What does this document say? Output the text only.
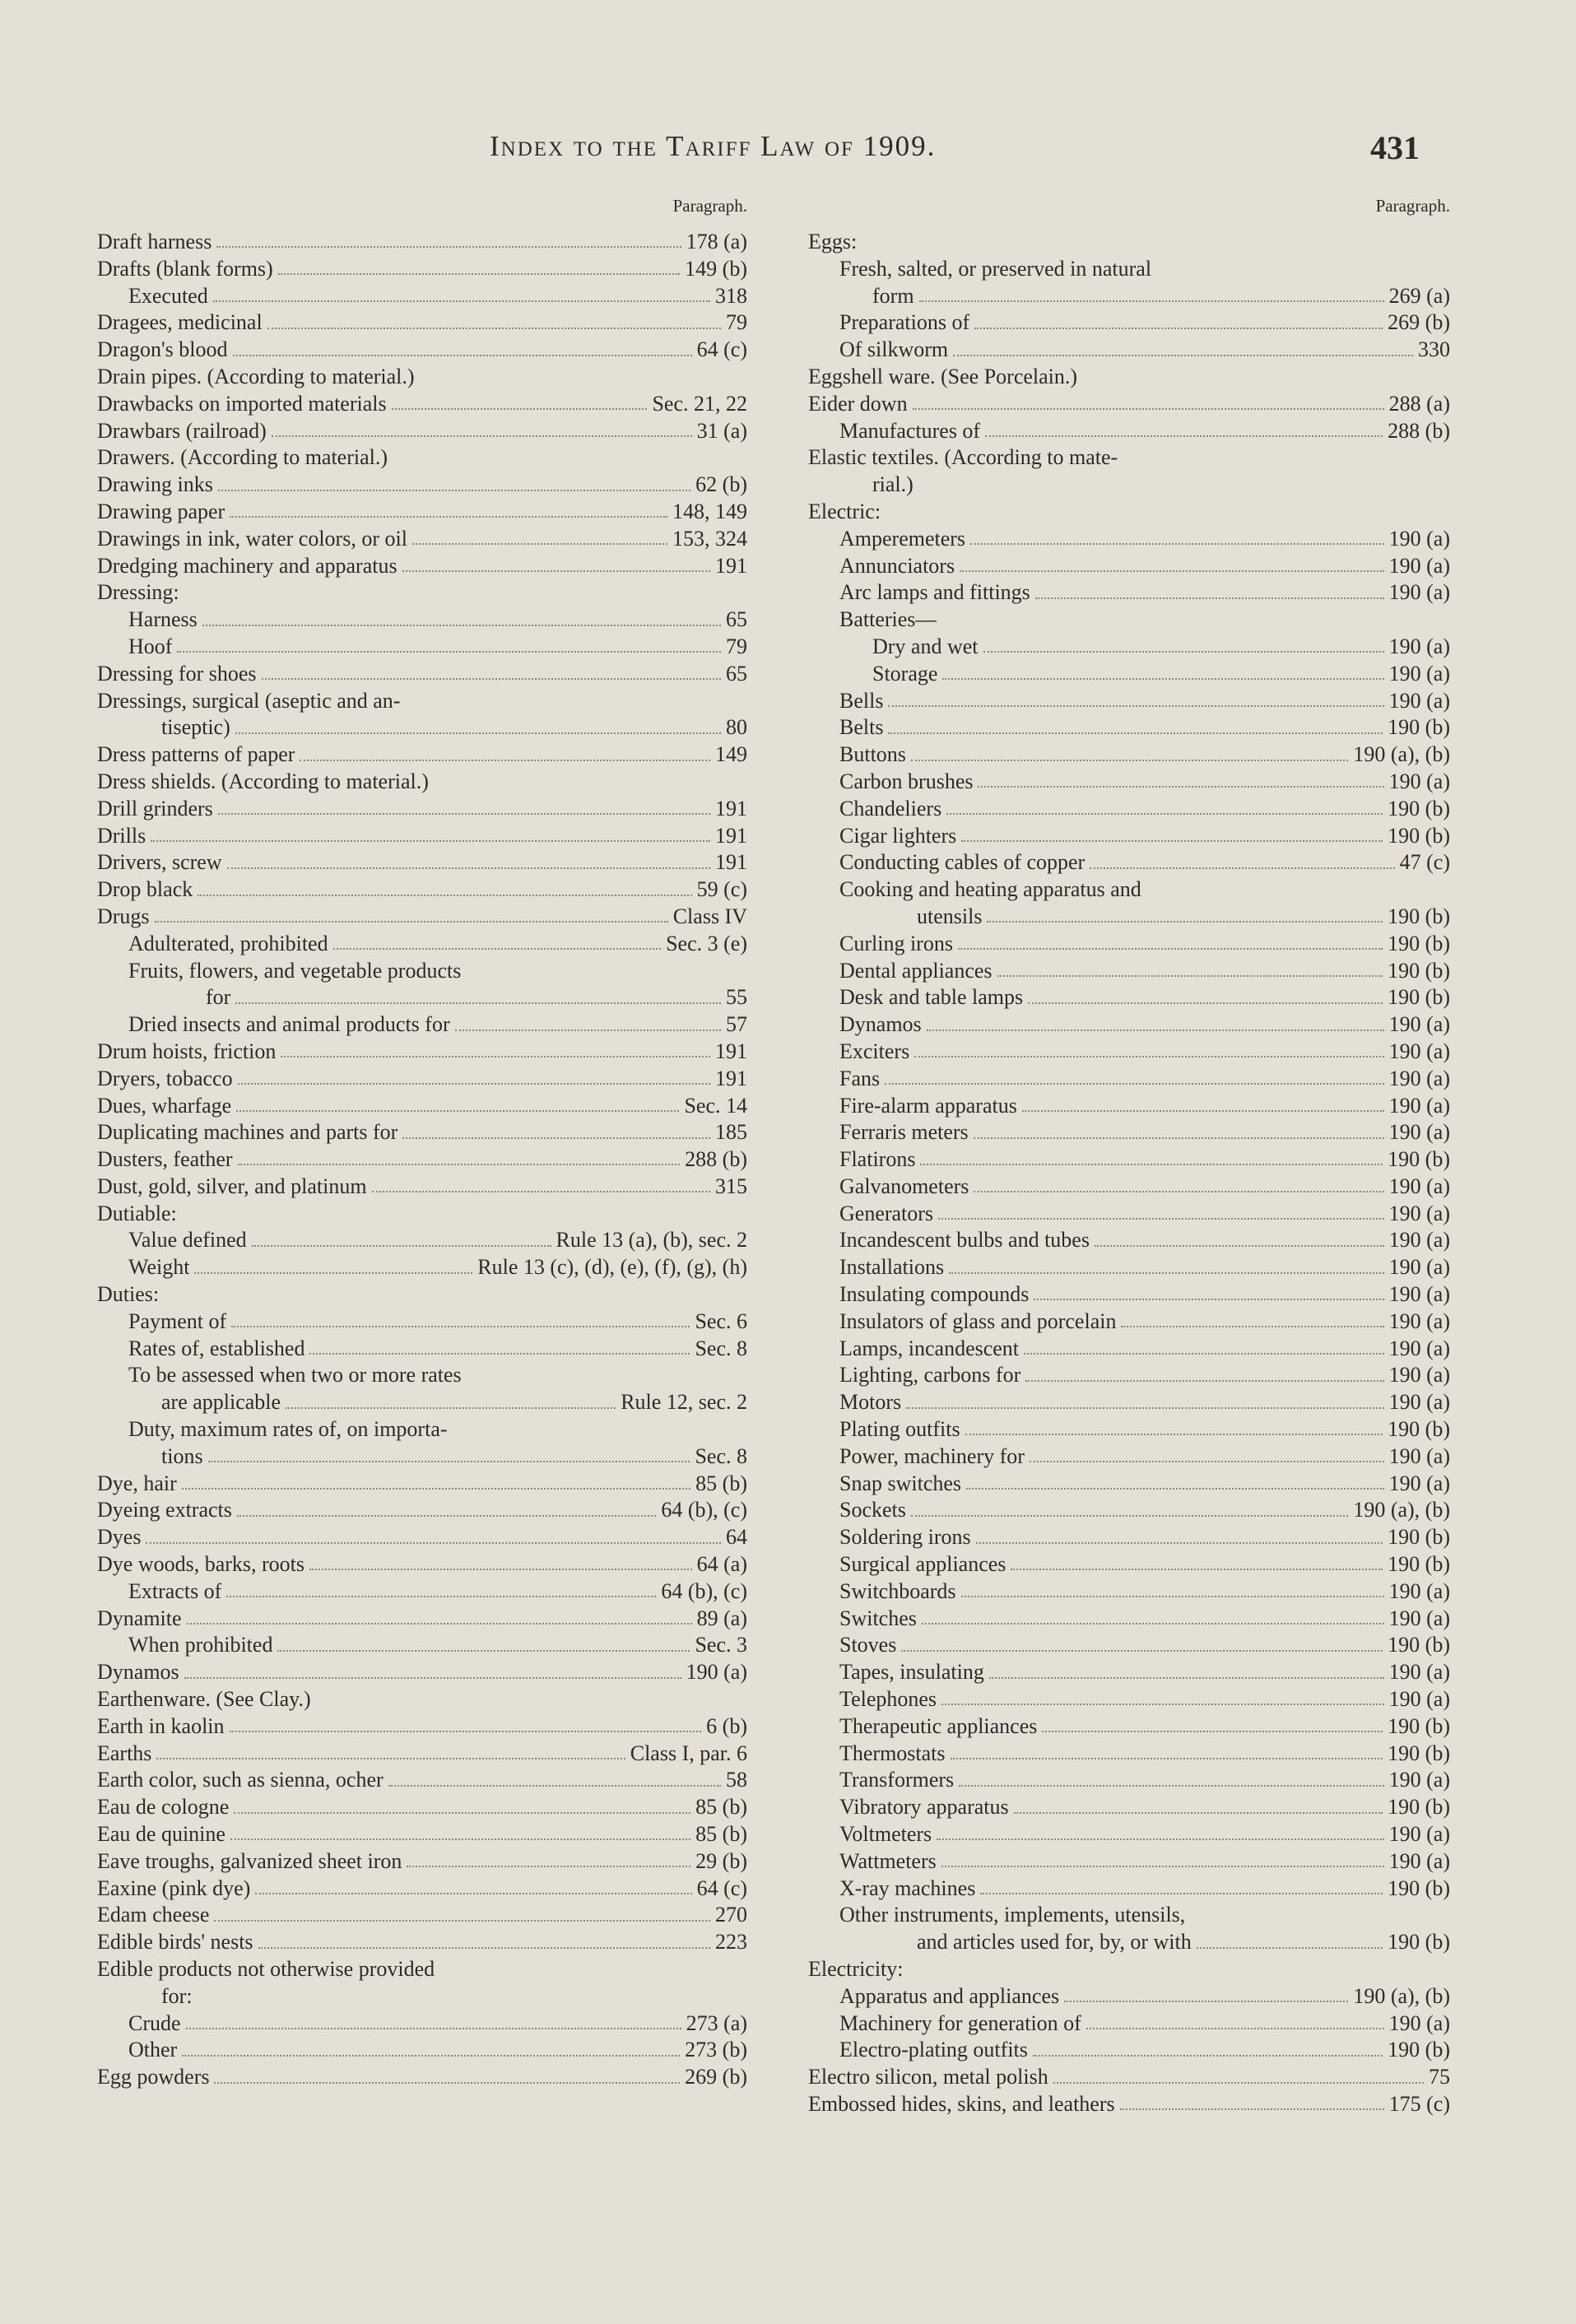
Index to the Tariff Law of 1909.	431
Paragraph.
Draft harness	178 (a)
Drafts (blank forms)	149 (b)
Executed	318
Dragees, medicinal	79
Dragon's blood	64 (c)
Drain pipes. (According to material.)
Drawbacks on imported materials	Sec. 21, 22
Drawbars (railroad)	31 (a)
Drawers. (According to material.)
Drawing inks	62 (b)
Drawing paper	148, 149
Drawings in ink, water colors, or oil	153, 324
Dredging machinery and apparatus	191
Dressing:
Harness	65
Hoof	79
Dressing for shoes	65
Dressings, surgical (aseptic and an-
tiseptic)	80
Dress patterns of paper	149
Dress shields. (According to material.)
Drill grinders	191
Drills	191
Drivers, screw	191
Drop black	59 (c)
Drugs	Class IV
Adulterated, prohibited	Sec. 3 (e)
Fruits, flowers, and vegetable products
for	55
Dried insects and animal products for	57
Drum hoists, friction	191
Dryers, tobacco	191
Dues, wharfage	Sec. 14
Duplicating machines and parts for	185
Dusters, feather	288 (b)
Dust, gold, silver, and platinum	315
Dutiable:
Value defined	Rule 13 (a), (b), sec. 2
Weight	Rule 13 (c), (d), (e), (f), (g), (h)
Duties:
Payment of	Sec. 6
Rates of, established	Sec. 8
To be assessed when two or more rates
are applicable	Rule 12, sec. 2
Duty, maximum rates of, on importa-
tions	Sec. 8
Dye, hair	85 (b)
Dyeing extracts	64 (b), (c)
Dyes	64
Dye woods, barks, roots	64 (a)
Extracts of	64 (b), (c)
Dynamite	89 (a)
When prohibited	Sec. 3
Dynamos	190 (a)
Earthenware. (See Clay.)
Earth in kaolin	6 (b)
Earths	Class I, par. 6
Earth color, such as sienna, ocher	58
Eau de cologne	85 (b)
Eau de quinine	85 (b)
Eave troughs, galvanized sheet iron	29 (b)
Eaxine (pink dye)	64 (c)
Edam cheese	270
Edible birds' nests	223
Edible products not otherwise provided
for:
Crude	273 (a)
Other	273 (b)
Egg powders	269 (b)
Paragraph.
Eggs:
Fresh, salted, or preserved in natural
form	269 (a)
Preparations of	269 (b)
Of silkworm	330
Eggshell ware. (See Porcelain.)
Eider down	288 (a)
Manufactures of	288 (b)
Elastic textiles. (According to mate-
rial.)
Electric:
Amperemeters	190 (a)
Annunciators	190 (a)
Arc lamps and fittings	190 (a)
Batteries—
Dry and wet	190 (a)
Storage	190 (a)
Bells	190 (a)
Belts	190 (b)
Buttons	190 (a), (b)
Carbon brushes	190 (a)
Chandeliers	190 (b)
Cigar lighters	190 (b)
Conducting cables of copper	47 (c)
Cooking and heating apparatus and
utensils	190 (b)
Curling irons	190 (b)
Dental appliances	190 (b)
Desk and table lamps	190 (b)
Dynamos	190 (a)
Exciters	190 (a)
Fans	190 (a)
Fire-alarm apparatus	190 (a)
Ferraris meters	190 (a)
Flatirons	190 (b)
Galvanometers	190 (a)
Generators	190 (a)
Incandescent bulbs and tubes	190 (a)
Installations	190 (a)
Insulating compounds	190 (a)
Insulators of glass and porcelain	190 (a)
Lamps, incandescent	190 (a)
Lighting, carbons for	190 (a)
Motors	190 (a)
Plating outfits	190 (b)
Power, machinery for	190 (a)
Snap switches	190 (a)
Sockets	190 (a), (b)
Soldering irons	190 (b)
Surgical appliances	190 (b)
Switchboards	190 (a)
Switches	190 (a)
Stoves	190 (b)
Tapes, insulating	190 (a)
Telephones	190 (a)
Therapeutic appliances	190 (b)
Thermostats	190 (b)
Transformers	190 (a)
Vibratory apparatus	190 (b)
Voltmeters	190 (a)
Wattmeters	190 (a)
X-ray machines	190 (b)
Other instruments, implements, utensils,
and articles used for, by, or with	190 (b)
Electricity:
Apparatus and appliances	190 (a), (b)
Machinery for generation of	190 (a)
Electro-plating outfits	190 (b)
Electro silicon, metal polish	75
Embossed hides, skins, and leathers	175 (c)
